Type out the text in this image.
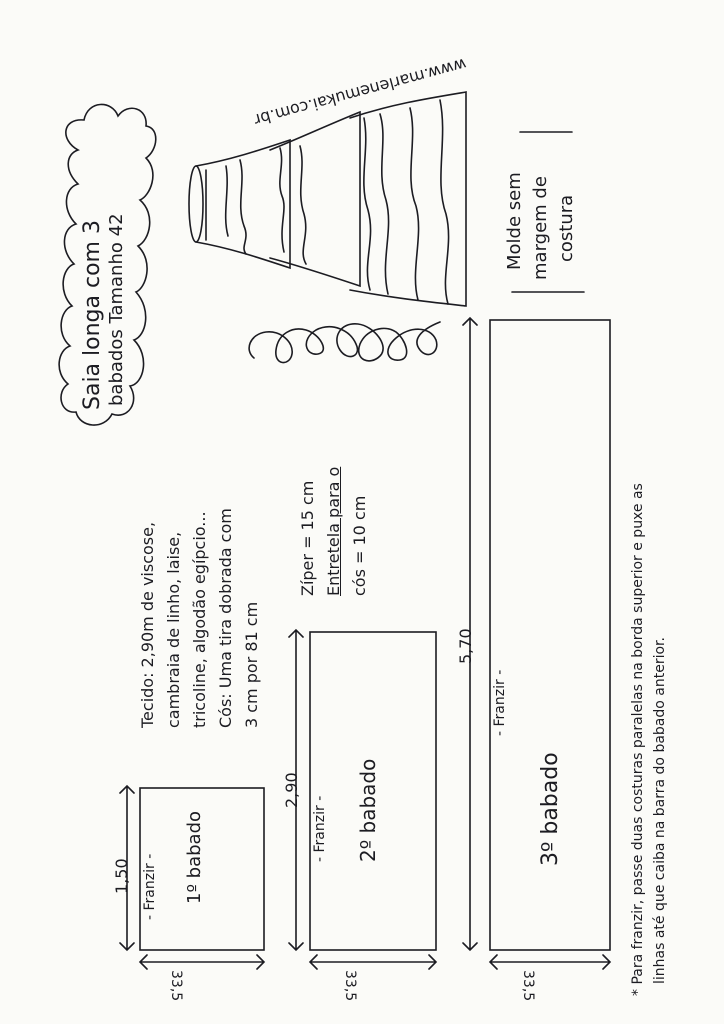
Saia longa com 3 babados Tamanho 42
www.marlenemukai.com.br
Molde sem margem de costura
Tecido: 2,90m de viscose, cambraia de linho, laise, tricoline, algodão egípcio... Cós: Uma tira dobrada com 3 cm por 81 cm
Zíper = 15 cm Entretela para o cós = 10 cm
1,50 - Franzir - 1º babado
33,5
2,90
- Franzir - 2º babado
33,5
5,70
- Franzir -
3º babado
33,5	* Para franzir, passe duas costuras paralelas na borda superior e puxe as linhas até que caiba na barra do babado anterior.
